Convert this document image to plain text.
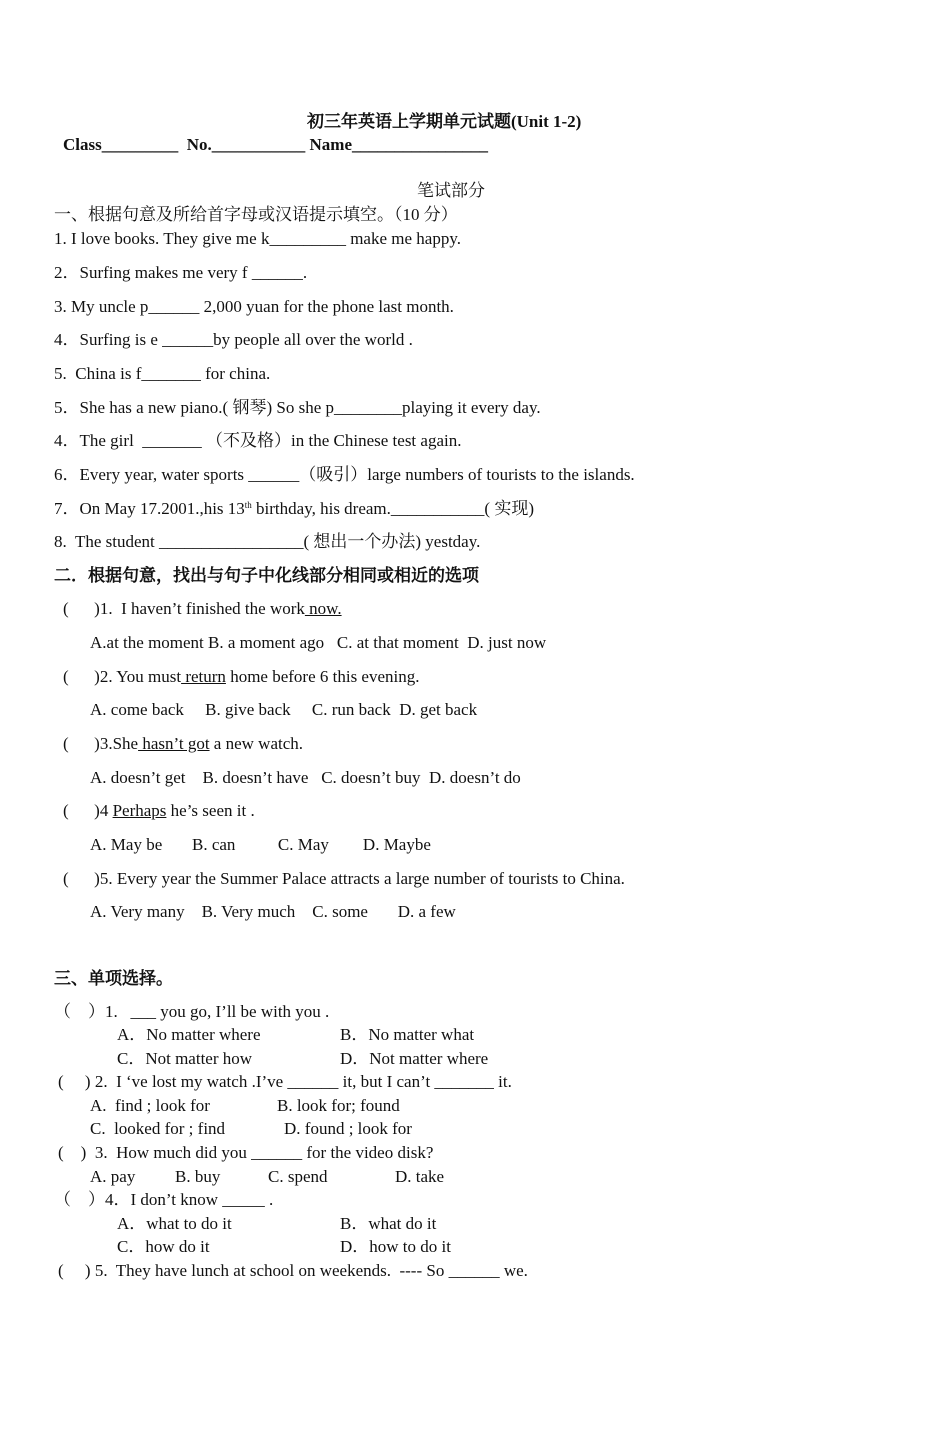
初三年英语上学期单元试题(Unit 1-2)
Class_________  No.___________ Name________________
笔试部分
一、根据句意及所给首字母或汉语提示填空。（10 分）
1. I love books. They give me k_________ make me happy.
2．Surfing makes me very f ______.
3. My uncle p______ 2,000 yuan for the phone last month.
4．Surfing is e ______by people all over the world .
5.  China is f_______ for china.
5．She has a new piano.( 钢琴) So she p________playing it every day.
4．The girl  _______ （不及格）in the Chinese test again.
6．Every year, water sports ______（吸引）large numbers of tourists to the islands.
7．On May 17.2001.,his 13th birthday, his dream.___________( 实现)
8.  The student _________________( 想出一个办法) yestday.
二．根据句意，找出与句子中化线部分相同或相近的选项
(      )1.  I haven’t finished the work now.
A.at the moment B. a moment ago   C. at that moment  D. just now
(      )2. You must return home before 6 this evening.
A. come back     B. give back     C. run back  D. get back
(      )3.She hasn’t got a new watch.
A. doesn’t get    B. doesn’t have   C. doesn’t buy  D. doesn’t do
(      )4 Perhaps he’s seen it .
A. May be       B. can          C. May        D. Maybe
(      )5. Every year the Summer Palace attracts a large number of tourists to China.
A. Very many    B. Very much    C. some       D. a few
三、单项选择。
（    ）1.   ___ you go, I’ll be with you .
A．No matter where	B．No matter what
C．Not matter how	D．Not matter where
(     ) 2.  I ‘ve lost my watch .I’ve ______ it, but I can’t _______ it.
A.  find ; look for	B. look for; found
C.  looked for ; find	D. found ; look for
(    )  3.  How much did you ______ for the video disk?
A. pay B. buy	C. spend	D. take
（    ）4．I don’t know _____ .
A．what to do it	B．what do it
C．how do it	D．how to do it
(     ) 5.  They have lunch at school on weekends.  ---- So ______ we.
